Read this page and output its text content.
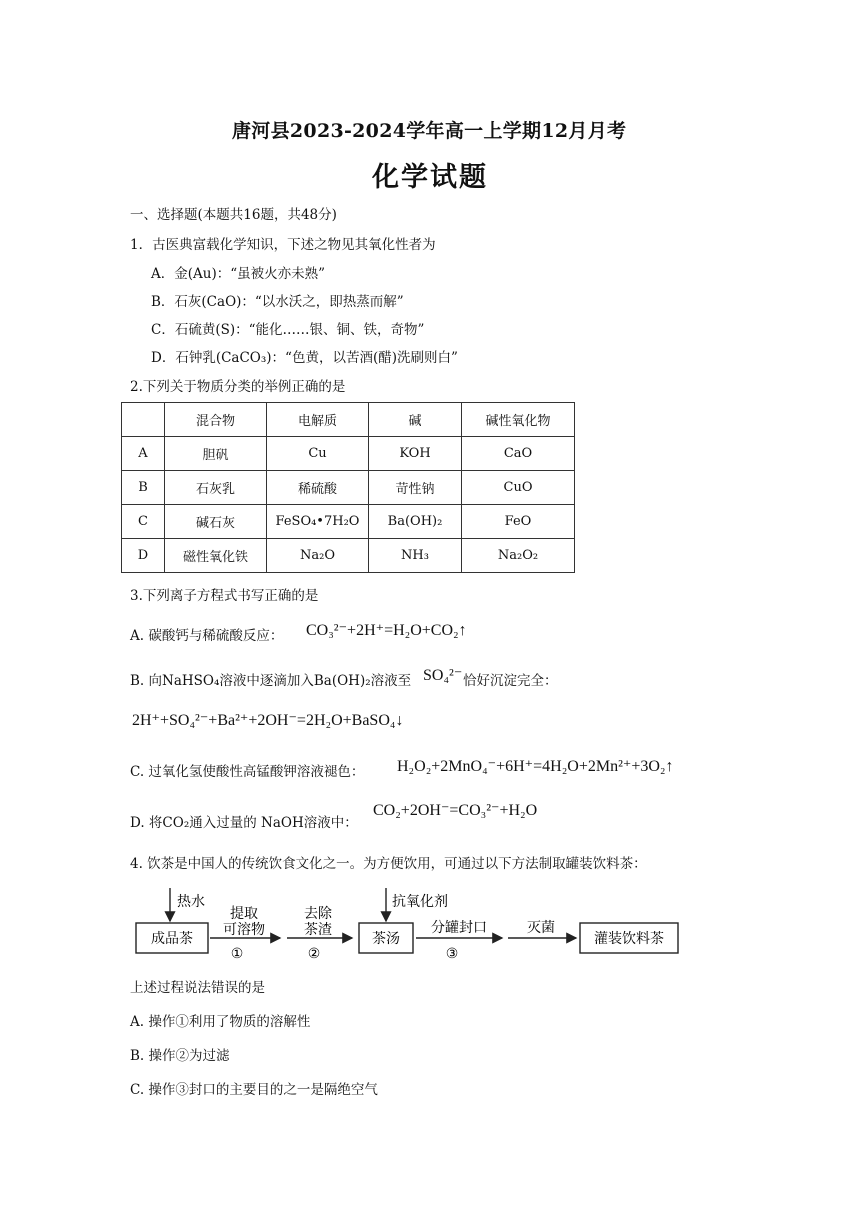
唐河县2023-2024学年高一上学期12月月考
化学试题
一、选择题(本题共16题，共48分)
1．古医典富载化学知识，下述之物见其氧化性者为
A．金(Au)：“虽被火亦未熟”
B．石灰(CaO)：“以水沃之，即热蒸而解”
C．石硫黄(S)：“能化……银、铜、铁，奇物”
D．石钟乳(CaCO₃)：“色黄，以苦酒(醋)洗刷则白”
2.下列关于物质分类的举例正确的是
	混合物	电解质	碱	碱性氧化物
A	胆矾	Cu	KOH	CaO
B	石灰乳	稀硫酸	苛性钠	CuO
C	碱石灰	FeSO₄•7H₂O	Ba(OH)₂	FeO
D	磁性氧化铁	Na₂O	NH₃	Na₂O₂
3.下列离子方程式书写正确的是
A. 碳酸钙与稀硫酸反应： CO₃²⁻+2H⁺=H₂O+CO₂↑
B. 向NaHSO₄溶液中逐滴加入Ba(OH)₂溶液至 SO₄²⁻ 恰好沉淀完全：
2H⁺+SO₄²⁻+Ba²⁺+2OH⁻=2H₂O+BaSO₄↓
C. 过氧化氢使酸性高锰酸钾溶液褪色： H₂O₂+2MnO₄⁻+6H⁺=4H₂O+2Mn²⁺+3O₂↑
D. 将CO₂通入过量的 NaOH溶液中：
CO₂+2OH⁻=CO₃²⁻+H₂O
4. 饮茶是中国人的传统饮食文化之一。为方便饮用，可通过以下方法制取罐装饮料茶：
热水
成品茶
提取
可溶物
①
去除
茶渣
②
抗氧化剂
茶汤
分罐封口
③
灭菌
灌装饮料茶
上述过程说法错误的是
A. 操作①利用了物质的溶解性
B. 操作②为过滤
C. 操作③封口的主要目的之一是隔绝空气
